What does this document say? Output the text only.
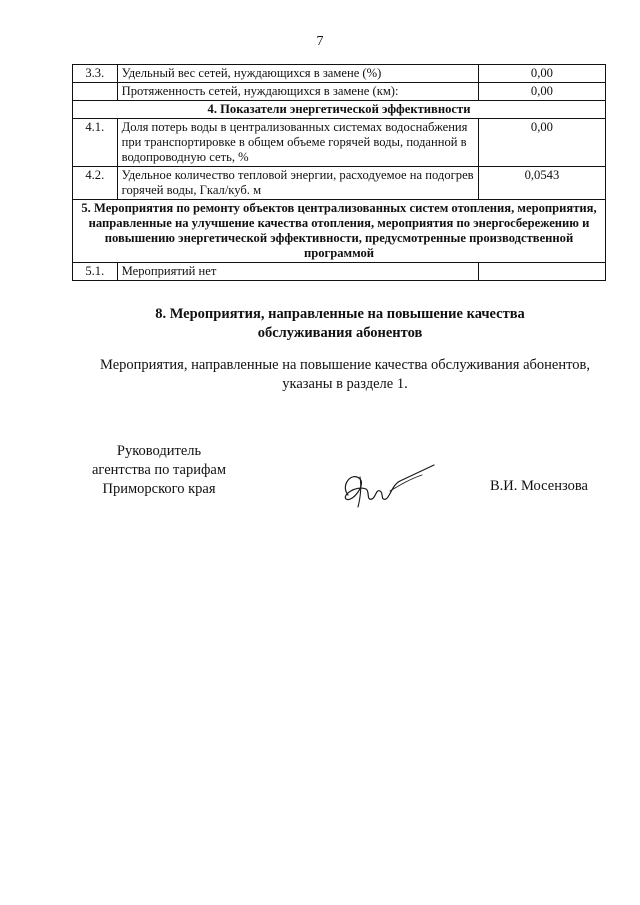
7
3.3.	Удельный вес сетей, нуждающихся в замене (%)	0,00
	Протяженность сетей, нуждающихся в замене (км):	0,00
4. Показатели энергетической эффективности		
4.1.	Доля потерь воды в централизованных системах водоснабжения при транспортировке в общем объеме горячей воды, поданной в водопроводную сеть, %	0,00
4.2.	Удельное количество тепловой энергии, расходуемое на подогрев горячей воды, Гкал/куб. м	0,0543
5. Мероприятия по ремонту объектов централизованных систем отопления, мероприятия, направленные на улучшение качества отопления, мероприятия по энергосбережению и повышению энергетической эффективности, предусмотренные производственной программой		
5.1.	Мероприятий нет	
8. Мероприятия, направленные на повышение качества
обслуживания абонентов
Мероприятия, направленные на повышение качества обслуживания абонентов,
указаны в разделе 1.
Руководитель
агентства по тарифам
Приморского края	В.И. Мосензова
